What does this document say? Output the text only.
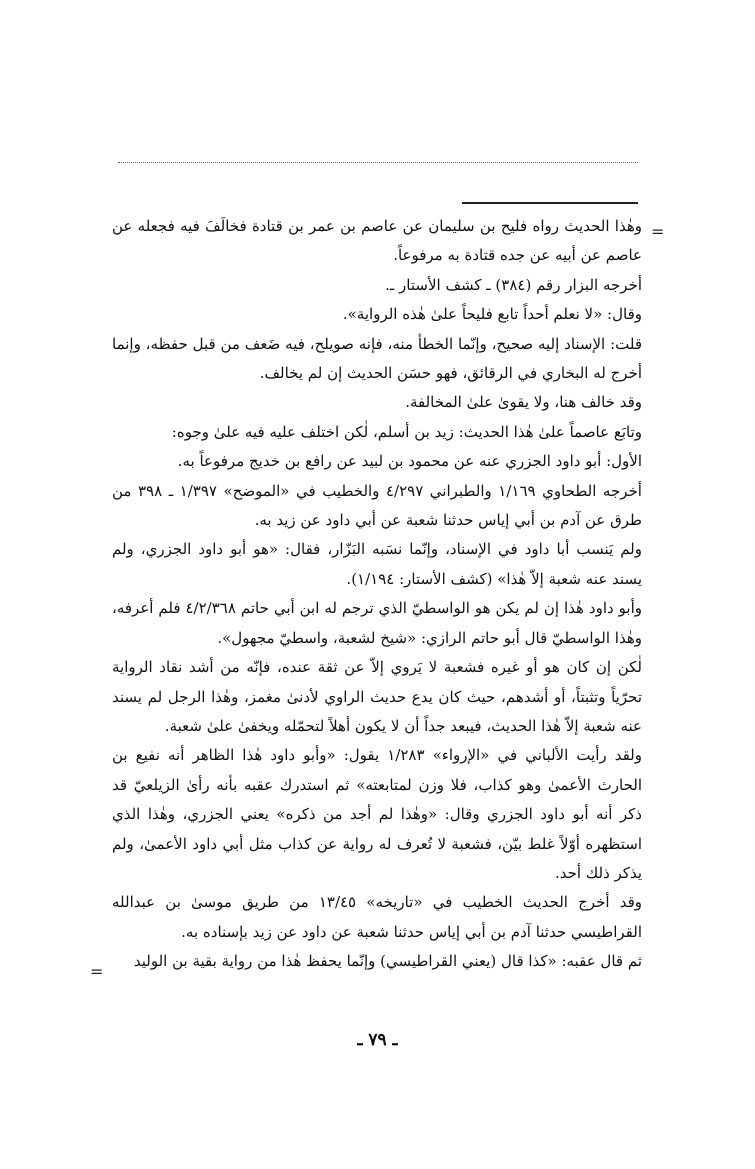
=

وهٰذا الحديث رواه فليح بن سليمان عن عاصم بن عمر بن قتادة فخالَفَ فيه فجعله عن عاصم عن أبيه عن جده قتادة به مرفوعاً.

أخرجه البزار رقم (٣٨٤) ـ كشف الأستار ـ.

وقال: «لا نعلم أحداً تابع فليحاً علىٰ هٰذه الرواية».

قلت: الإسناد إليه صحيح، وإنّما الخطأ منه، فإنه صويلح، فيه ضَعف من قبل حفظه، وإنما أخرج له البخاري في الرقائق، فهو حسَن الحديث إن لم يخالف.

وقد خالف هنا، ولا يقوىٰ علىٰ المخالفة.

وتابَع عاصماً علىٰ هٰذا الحديث: زيد بن أسلم، لٰكن اختلف عليه فيه علىٰ وجوه:

الأول: أبو داود الجزري عنه عن محمود بن لبيد عن رافع بن خديج مرفوعاً به.

أخرجه الطحاوي ١/١٦٩ والطبراني ٤/٢٩٧ والخطيب في «الموضح» ١/٣٩٧ ـ ٣٩٨ من طرق عن آدم بن أبي إياس حدثنا شعبة عن أبي داود عن زيد به.

ولم يَنسب أبا داود في الإسناد، وإنّما نسَبه البَزّار، فقال: «هو أبو داود الجزري، ولم يسند عنه شعبة إلاّ هٰذا» (كشف الأستار: ١/١٩٤).

وأبو داود هٰذا إن لم يكن هو الواسطيّ الذي ترجم له ابن أبي حاتم ٤/٢/٣٦٨ فلم أعرفه، وهٰذا الواسطيّ قال أبو حاتم الرازي: «شيخ لشعبة، واسطيّ مجهول».

لٰكن إن كان هو أو غيره فشعبة لا يَروي إلاّ عن ثقة عنده، فإنّه من أشد نقاد الرواية تحرّياً وتثبتاً، أو أشدهم، حيث كان يدع حديث الراوي لأدنىٰ مغمز، وهٰذا الرجل لم يسند عنه شعبة إلاّ هٰذا الحديث، فيبعد جداً أن لا يكون أهلاً لتحمّله ويخفىٰ علىٰ شعبة.

ولقد رأيت الألباني في «الإرواء» ١/٢٨٣ يقول: «وأبو داود هٰذا الظاهر أنه نفيع بن الحارث الأعمىٰ وهو كذاب، فلا وزن لمتابعته» ثم استدرك عقبه بأنه رأىٰ الزيلعيّ قد ذكر أنه أبو داود الجزري وقال: «وهٰذا لم أجد من ذكره» يعني الجزري، وهٰذا الذي استظهره أوّلاً غلط بيّن، فشعبة لا تُعرف له رواية عن كذاب مثل أبي داود الأعمىٰ، ولم يذكر ذلك أحد.

وقد أخرج الحديث الخطيب في «تاريخه» ١٣/٤٥ من طريق موسىٰ بن عبدالله القراطيسي حدثنا آدم بن أبي إياس حدثنا شعبة عن داود عن زيد بإسناده به.

ثم قال عقبه: «كذا قال (يعني القراطيسي) وإنّما يحفظ هٰذا من رواية بقية بن الوليد

=
ـ ٧٩ ـ
